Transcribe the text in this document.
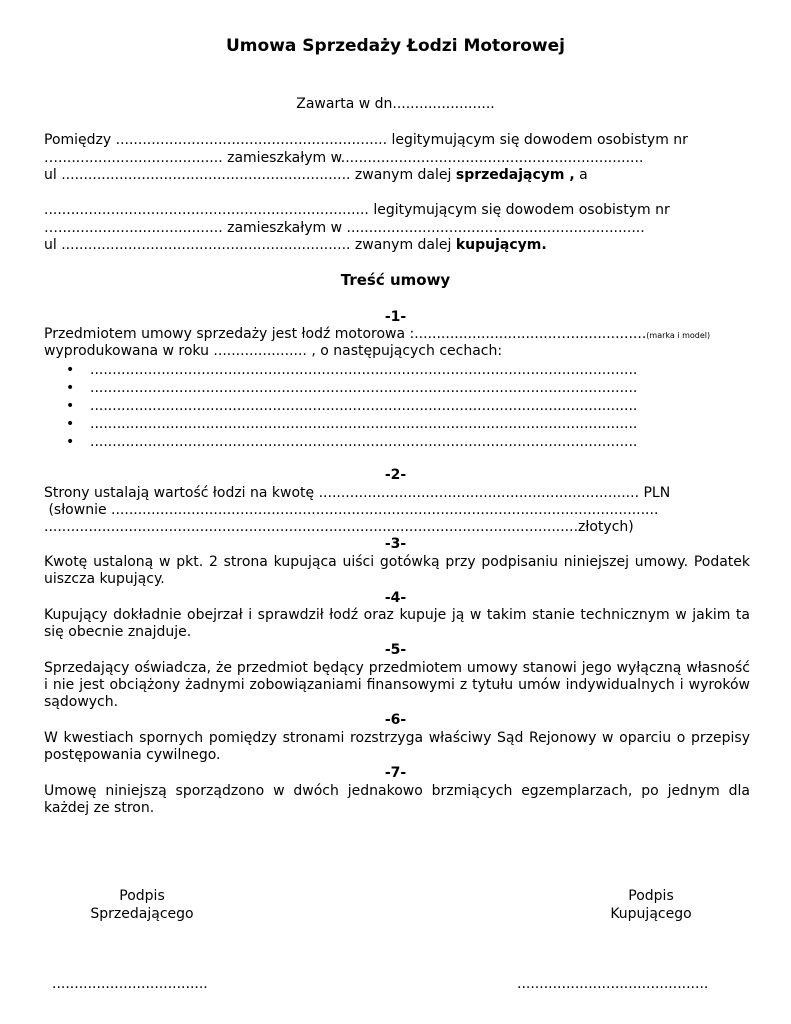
Umowa Sprzedaży Łodzi Motorowej
Zawarta w dn.......................
Pomiędzy ............................................................. legitymującym się dowodem osobistym nr
…..................................... zamieszkałym w....................................................................
ul ................................................................. zwanym dalej sprzedającym , a
......................................................................... legitymującym się dowodem osobistym nr
…..................................... zamieszkałym w ...................................................................
ul ................................................................. zwanym dalej kupującym.
Treść umowy
-1-
Przedmiotem umowy sprzedaży jest łodź motorowa :................................….................(marka i model)
wyprodukowana w roku ..................... , o następujących cechach:
• ...........................................................................................................................
• ...........................................................................................................................
• ...........................................................................................................................
• ...........................................................................................................................
• ...........................................................................................................................
-2-
Strony ustalają wartość łodzi na kwotę ........................................................................ PLN
(słownie ...........................................................................................................................
........................................................................................................................złotych)
-3-
Kwotę ustaloną w pkt. 2 strona kupująca uiści gotówką przy podpisaniu niniejszej umowy. Podatek uiszcza kupujący.
-4-
Kupujący dokładnie obejrzał i sprawdził łodź oraz kupuje ją w takim stanie technicznym w jakim ta się obecnie znajduje.
-5-
Sprzedający oświadcza, że przedmiot będący przedmiotem umowy stanowi jego wyłączną własność i nie jest obciążony żadnymi zobowiązaniami finansowymi z tytułu umów indywidualnych i wyroków sądowych.
-6-
W kwestiach spornych pomiędzy stronami rozstrzyga właściwy Sąd Rejonowy w oparciu o przepisy postępowania cywilnego.
-7-
Umowę niniejszą sporządzono w dwóch jednakowo brzmiących egzemplarzach, po jednym dla każdej ze stron.
Podpis
Sprzedającego
Podpis
Kupującego
...................................	...........................................
